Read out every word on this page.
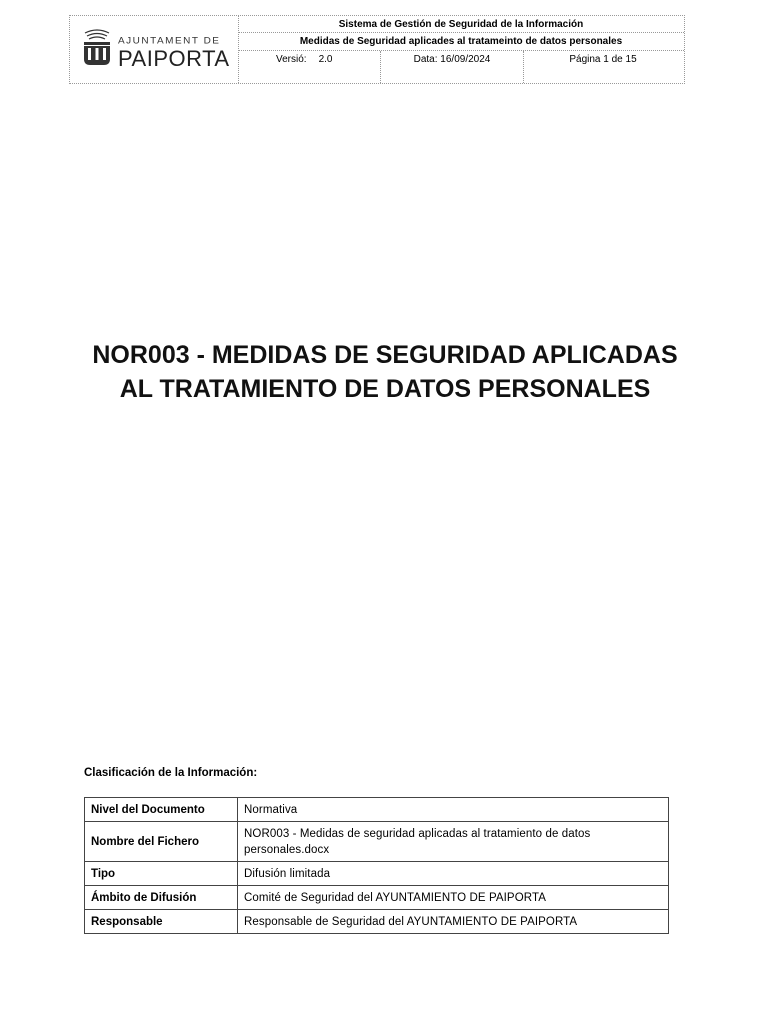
AJUNTAMENT DE
PAIPORTA
Sistema de Gestión de Seguridad de la Información
Medidas de Seguridad aplicades al tratameinto de datos personales
Versió: 2.0	Data: 16/09/2024	Página 1 de 15
NOR003 - MEDIDAS DE SEGURIDAD APLICADAS
AL TRATAMIENTO DE DATOS PERSONALES
Clasificación de la Información:
Nivel del Documento	Normativa
Nombre del Fichero	NOR003 - Medidas de seguridad aplicadas al tratamiento de datos personales.docx
Tipo	Difusión limitada
Ámbito de Difusión	Comité de Seguridad del AYUNTAMIENTO DE PAIPORTA
Responsable	Responsable de Seguridad del AYUNTAMIENTO DE PAIPORTA
